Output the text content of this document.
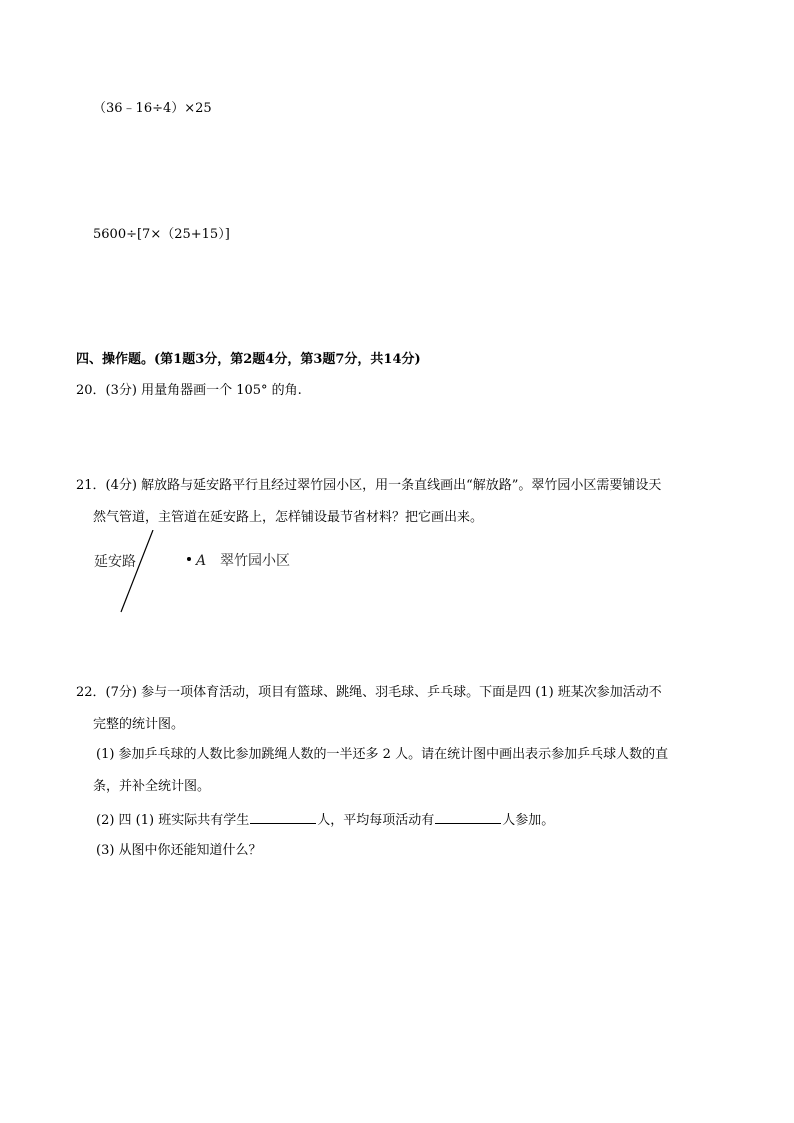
（36﹣16÷4）×25
5600÷[7×（25+15）]
四、操作题。(第1题3分，第2题4分，第3题7分，共14分)
20．(3分) 用量角器画一个 105° 的角.
21．(4分) 解放路与延安路平行且经过翠竹园小区，用一条直线画出“解放路”。翠竹园小区需要铺设天
然气管道，主管道在延安路上，怎样铺设最节省材料？把它画出来。
延安路	A 翠竹园小区
22．(7分) 参与一项体育活动，项目有篮球、跳绳、羽毛球、乒乓球。下面是四 (1) 班某次参加活动不
完整的统计图。
(1) 参加乒乓球的人数比参加跳绳人数的一半还多 2 人。请在统计图中画出表示参加乒乓球人数的直
条，并补全统计图。
(2) 四 (1) 班实际共有学生	人，平均每项活动有	人参加。
(3) 从图中你还能知道什么？
